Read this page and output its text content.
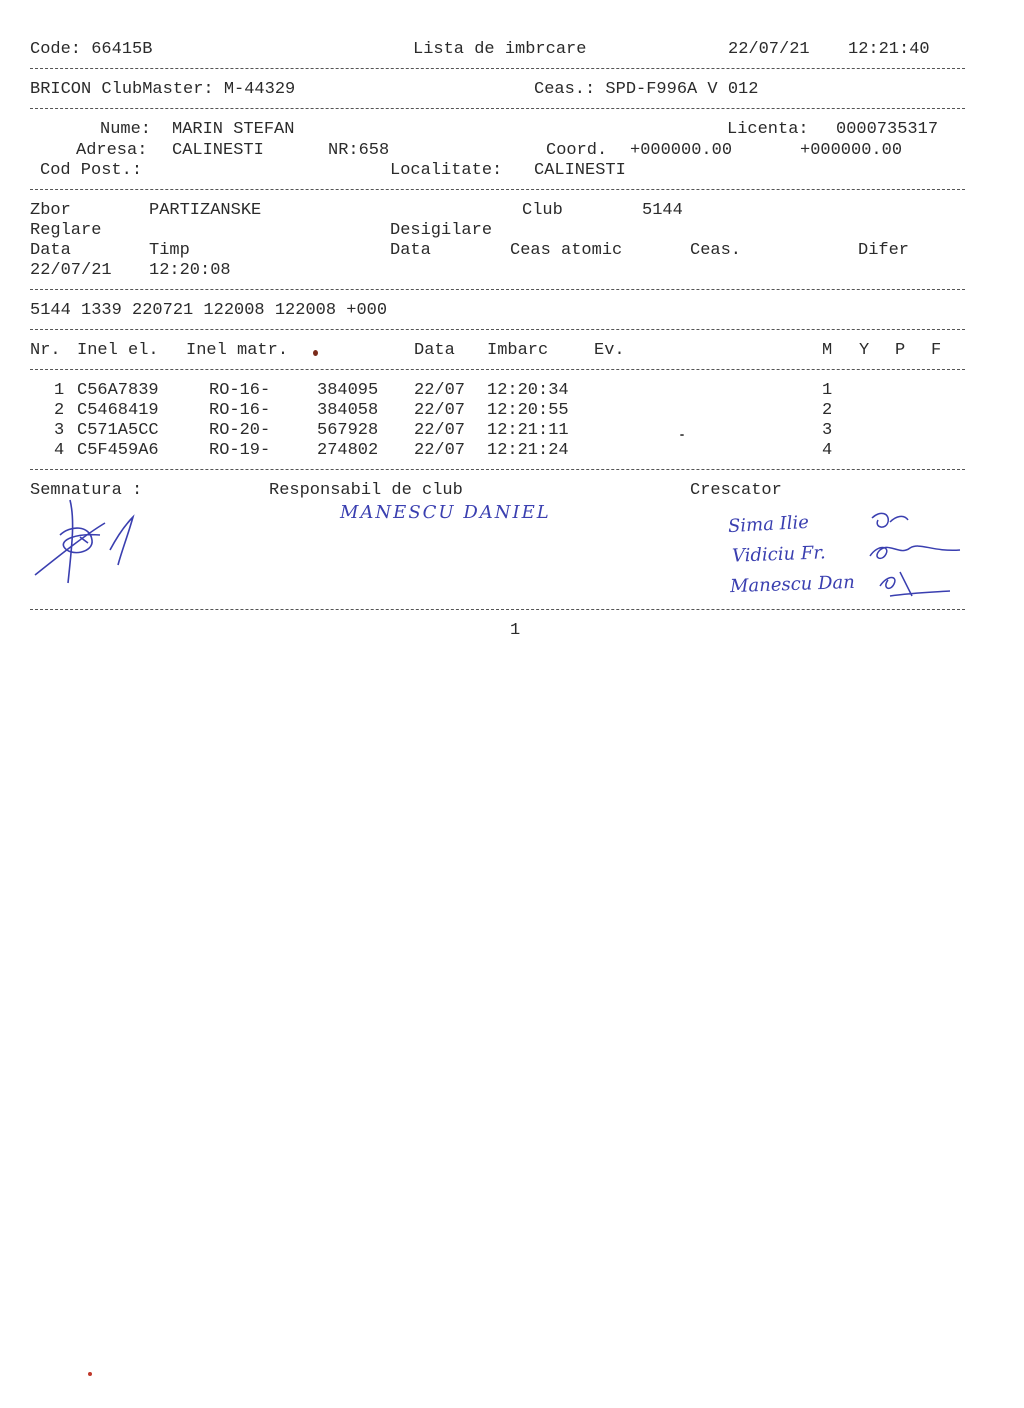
Code: 66415B	Lista de imbrcare	22/07/21 12:21:40
BRICON ClubMaster: M-44329	Ceas.: SPD-F996A V 012
Nume: MARIN STEFAN	Licenta: 0000735317
Adresa: CALINESTI	NR:658	Coord. +000000.00	+000000.00
Cod Post.:	Localitate: CALINESTI
Zbor	PARTIZANSKE	Club	5144
Reglare	Desigilare
Data	Timp	Data	Ceas atomic	Ceas.	Difer
22/07/21 12:20:08
5144 1339 220721 122008 122008 +000
Nr. Inel el. Inel matr.	Data Imbarc	Ev.	M Y P F
1 C56A7839	RO-16-	384095 22/07 12:20:34	1
2 C5468419	RO-16-	384058 22/07 12:20:55	2
3 C571A5CC	RO-20-	567928 22/07 12:21:11	3
4 C5F459A6	RO-19-	274802 22/07 12:21:24	4
Semnatura :	Responsabil de club	Crescator
MANESCU DANIEL	Sima Ilie
Vidiciu Fr.
Manescu Dan
1
